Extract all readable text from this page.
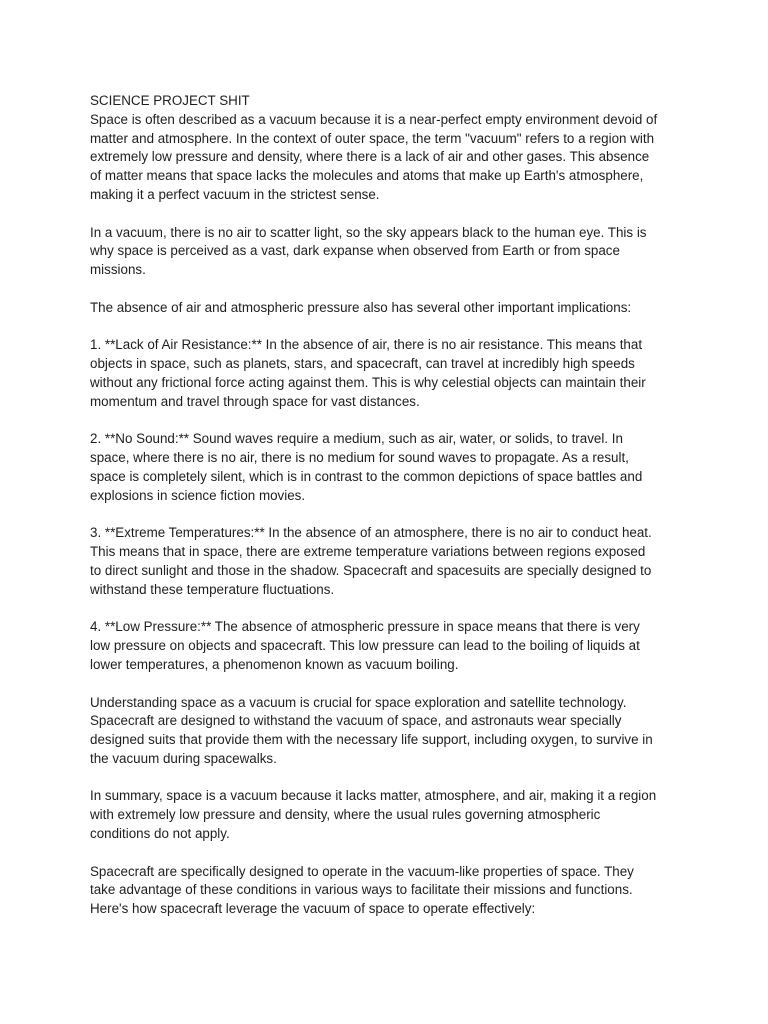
SCIENCE PROJECT SHIT

Space is often described as a vacuum because it is a near-perfect empty environment devoid of
matter and atmosphere. In the context of outer space, the term "vacuum" refers to a region with
extremely low pressure and density, where there is a lack of air and other gases. This absence
of matter means that space lacks the molecules and atoms that make up Earth's atmosphere,
making it a perfect vacuum in the strictest sense.

In a vacuum, there is no air to scatter light, so the sky appears black to the human eye. This is
why space is perceived as a vast, dark expanse when observed from Earth or from space
missions.

The absence of air and atmospheric pressure also has several other important implications:

1. **Lack of Air Resistance:** In the absence of air, there is no air resistance. This means that
objects in space, such as planets, stars, and spacecraft, can travel at incredibly high speeds
without any frictional force acting against them. This is why celestial objects can maintain their
momentum and travel through space for vast distances.

2. **No Sound:** Sound waves require a medium, such as air, water, or solids, to travel. In
space, where there is no air, there is no medium for sound waves to propagate. As a result,
space is completely silent, which is in contrast to the common depictions of space battles and
explosions in science fiction movies.

3. **Extreme Temperatures:** In the absence of an atmosphere, there is no air to conduct heat.
This means that in space, there are extreme temperature variations between regions exposed
to direct sunlight and those in the shadow. Spacecraft and spacesuits are specially designed to
withstand these temperature fluctuations.

4. **Low Pressure:** The absence of atmospheric pressure in space means that there is very
low pressure on objects and spacecraft. This low pressure can lead to the boiling of liquids at
lower temperatures, a phenomenon known as vacuum boiling.

Understanding space as a vacuum is crucial for space exploration and satellite technology.
Spacecraft are designed to withstand the vacuum of space, and astronauts wear specially
designed suits that provide them with the necessary life support, including oxygen, to survive in
the vacuum during spacewalks.

In summary, space is a vacuum because it lacks matter, atmosphere, and air, making it a region
with extremely low pressure and density, where the usual rules governing atmospheric
conditions do not apply.

Spacecraft are specifically designed to operate in the vacuum-like properties of space. They
take advantage of these conditions in various ways to facilitate their missions and functions.
Here's how spacecraft leverage the vacuum of space to operate effectively:
